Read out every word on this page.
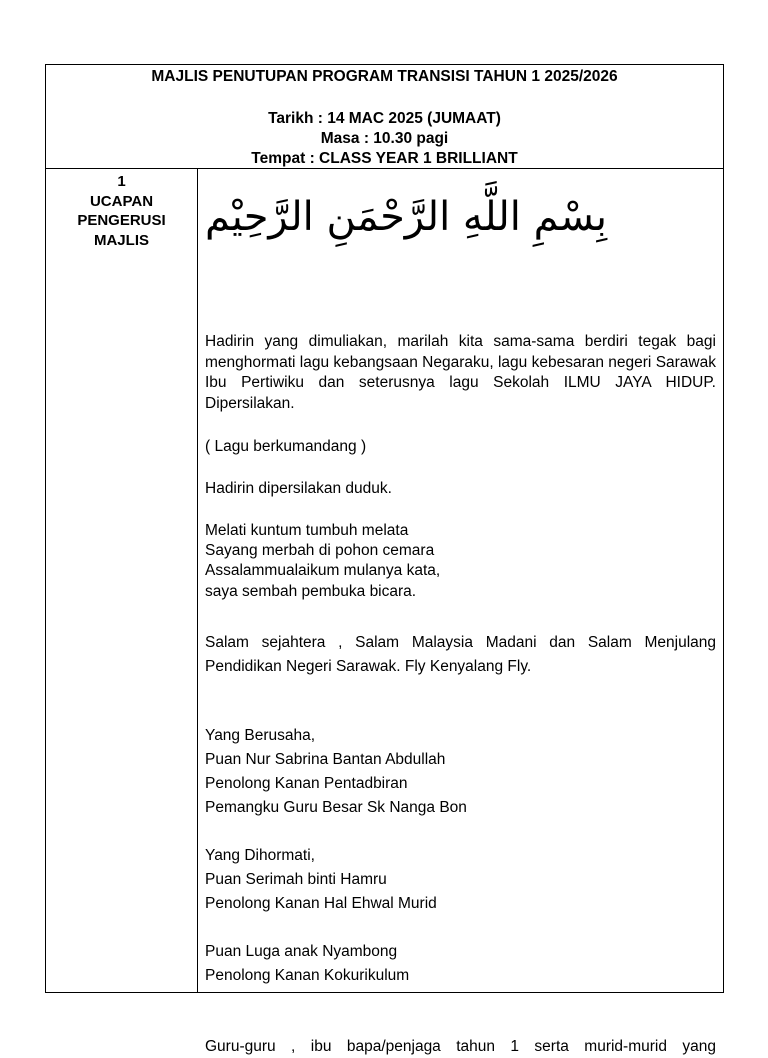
MAJLIS PENUTUPAN PROGRAM TRANSISI TAHUN 1 2025/2026
Tarikh : 14 MAC 2025 (JUMAAT)
Masa : 10.30 pagi
Tempat : CLASS YEAR 1 BRILLIANT
1
UCAPAN
PENGERUSI
MAJLIS	بِسْمِ اللَّهِ الرَّحْمَنِ الرَّحِيْم
Hadirin yang dimuliakan, marilah kita sama-sama berdiri tegak bagi menghormati lagu kebangsaan Negaraku, lagu kebesaran negeri Sarawak Ibu Pertiwiku dan seterusnya lagu Sekolah ILMU JAYA HIDUP. Dipersilakan.
( Lagu berkumandang )
Hadirin dipersilakan duduk.
Melati kuntum tumbuh melata
Sayang merbah di pohon cemara
Assalammualaikum mulanya kata,
saya sembah pembuka bicara.
Salam sejahtera , Salam Malaysia Madani dan Salam Menjulang Pendidikan Negeri Sarawak. Fly Kenyalang Fly.
Yang Berusaha,
Puan Nur Sabrina Bantan Abdullah
Penolong Kanan Pentadbiran
Pemangku Guru Besar Sk Nanga Bon
Yang Dihormati,
Puan Serimah binti Hamru
Penolong Kanan Hal Ehwal Murid
Puan Luga anak Nyambong
Penolong Kanan Kokurikulum
Guru-guru , ibu bapa/penjaga tahun 1 serta murid-murid yang
